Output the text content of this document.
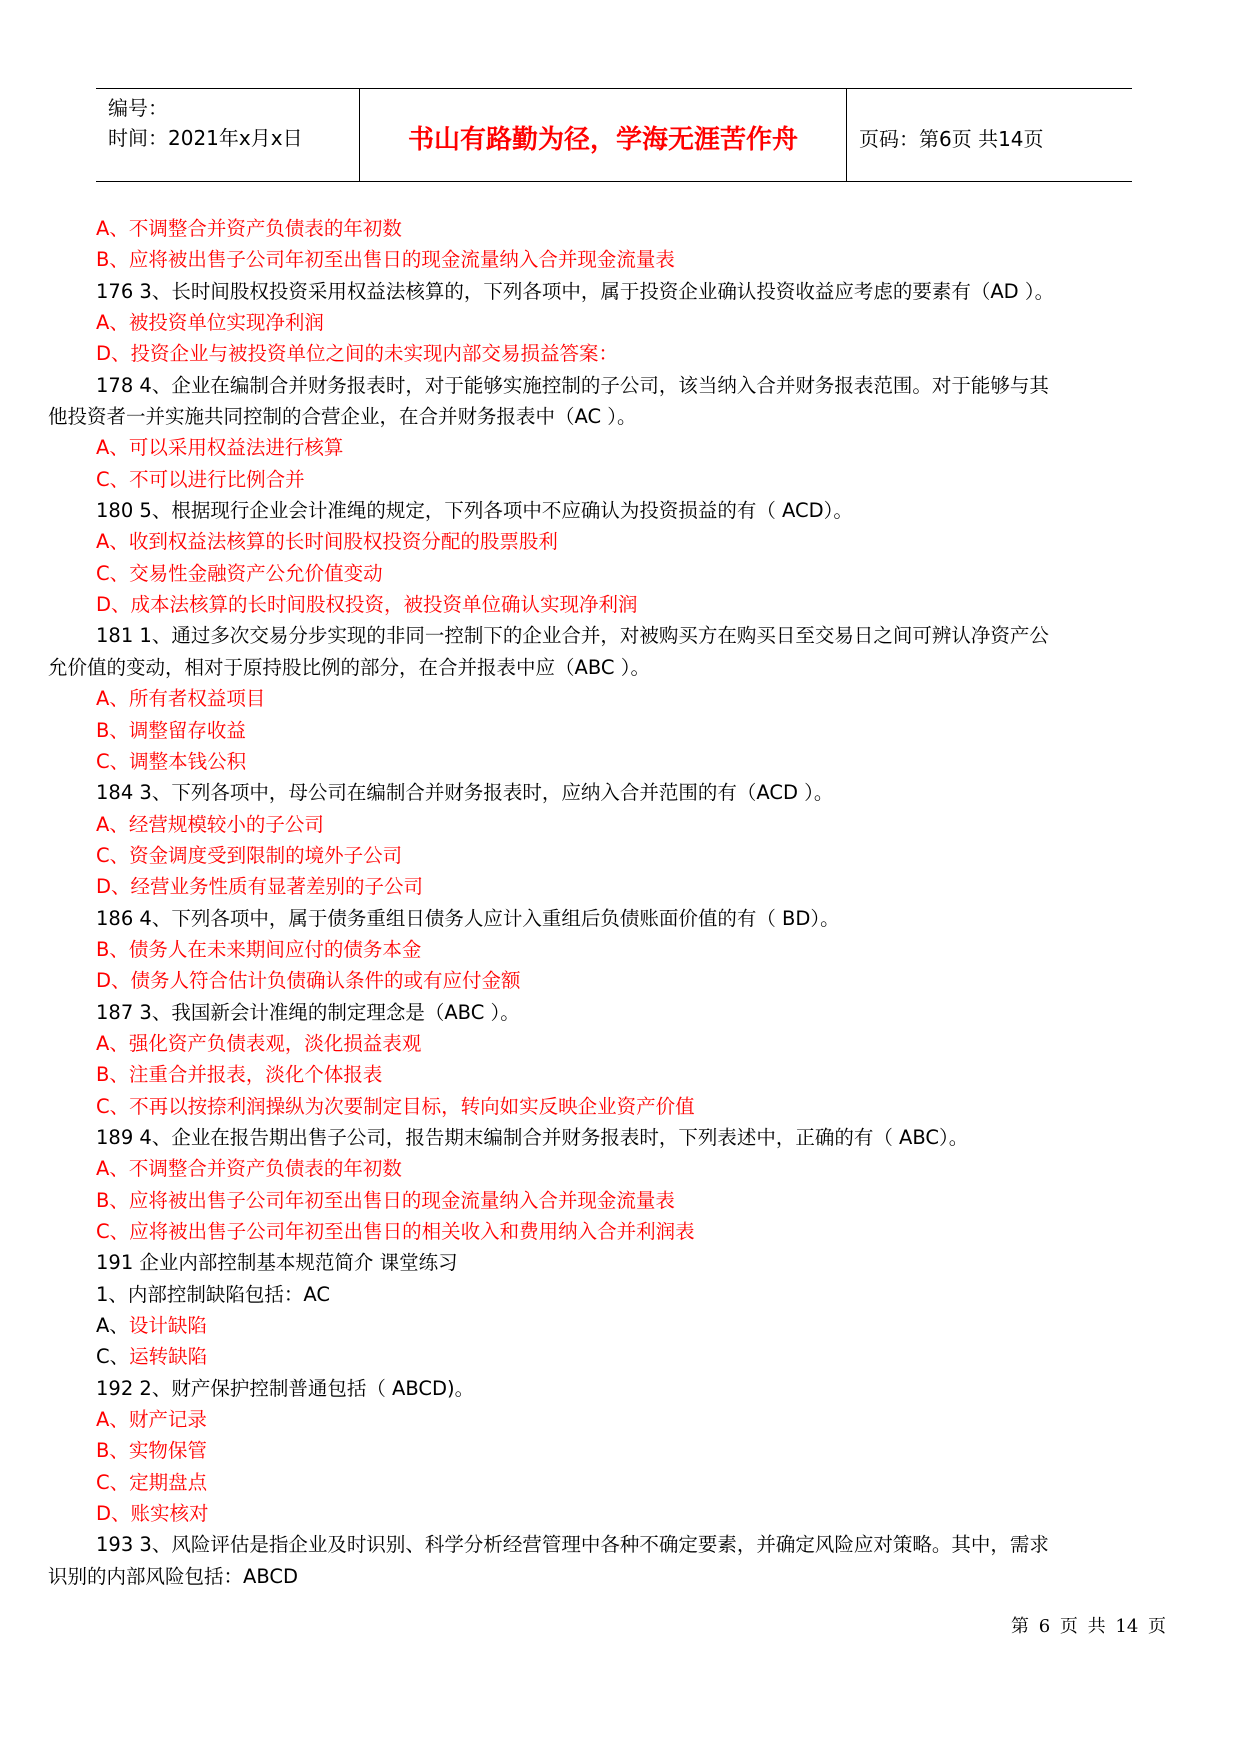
编号：
时间：2021年x月x日	书山有路勤为径，学海无涯苦作舟	页码：第6页 共14页
A、不调整合并资产负债表的年初数
B、应将被出售子公司年初至出售日的现金流量纳入合并现金流量表
176 3、长时间股权投资采用权益法核算的，下列各项中，属于投资企业确认投资收益应考虑的要素有（AD ）。
A、被投资单位实现净利润
D、投资企业与被投资单位之间的未实现内部交易损益答案：
178 4、企业在编制合并财务报表时，对于能够实施控制的子公司，该当纳入合并财务报表范围。对于能够与其
他投资者一并实施共同控制的合营企业，在合并财务报表中（AC ）。
A、可以采用权益法进行核算
C、不可以进行比例合并
180 5、根据现行企业会计准绳的规定，下列各项中不应确认为投资损益的有（ ACD）。
A、收到权益法核算的长时间股权投资分配的股票股利
C、交易性金融资产公允价值变动
D、成本法核算的长时间股权投资，被投资单位确认实现净利润
181 1、通过多次交易分步实现的非同一控制下的企业合并，对被购买方在购买日至交易日之间可辨认净资产公
允价值的变动，相对于原持股比例的部分，在合并报表中应（ABC ）。
A、所有者权益项目
B、调整留存收益
C、调整本钱公积
184 3、下列各项中，母公司在编制合并财务报表时，应纳入合并范围的有（ACD ）。
A、经营规模较小的子公司
C、资金调度受到限制的境外子公司
D、经营业务性质有显著差别的子公司
186 4、下列各项中，属于债务重组日债务人应计入重组后负债账面价值的有（ BD）。
B、债务人在未来期间应付的债务本金
D、债务人符合估计负债确认条件的或有应付金额
187 3、我国新会计准绳的制定理念是（ABC ）。
A、强化资产负债表观，淡化损益表观
B、注重合并报表，淡化个体报表
C、不再以按捺利润操纵为次要制定目标，转向如实反映企业资产价值
189 4、企业在报告期出售子公司，报告期末编制合并财务报表时，下列表述中，正确的有（ ABC）。
A、不调整合并资产负债表的年初数
B、应将被出售子公司年初至出售日的现金流量纳入合并现金流量表
C、应将被出售子公司年初至出售日的相关收入和费用纳入合并利润表
191 企业内部控制基本规范简介 课堂练习
1、内部控制缺陷包括：AC
A、设计缺陷
C、运转缺陷
192 2、财产保护控制普通包括（ ABCD)。
A、财产记录
B、实物保管
C、定期盘点
D、账实核对
193 3、风险评估是指企业及时识别、科学分析经营管理中各种不确定要素，并确定风险应对策略。其中，需求
识别的内部风险包括：ABCD
第 6 页 共 14 页
